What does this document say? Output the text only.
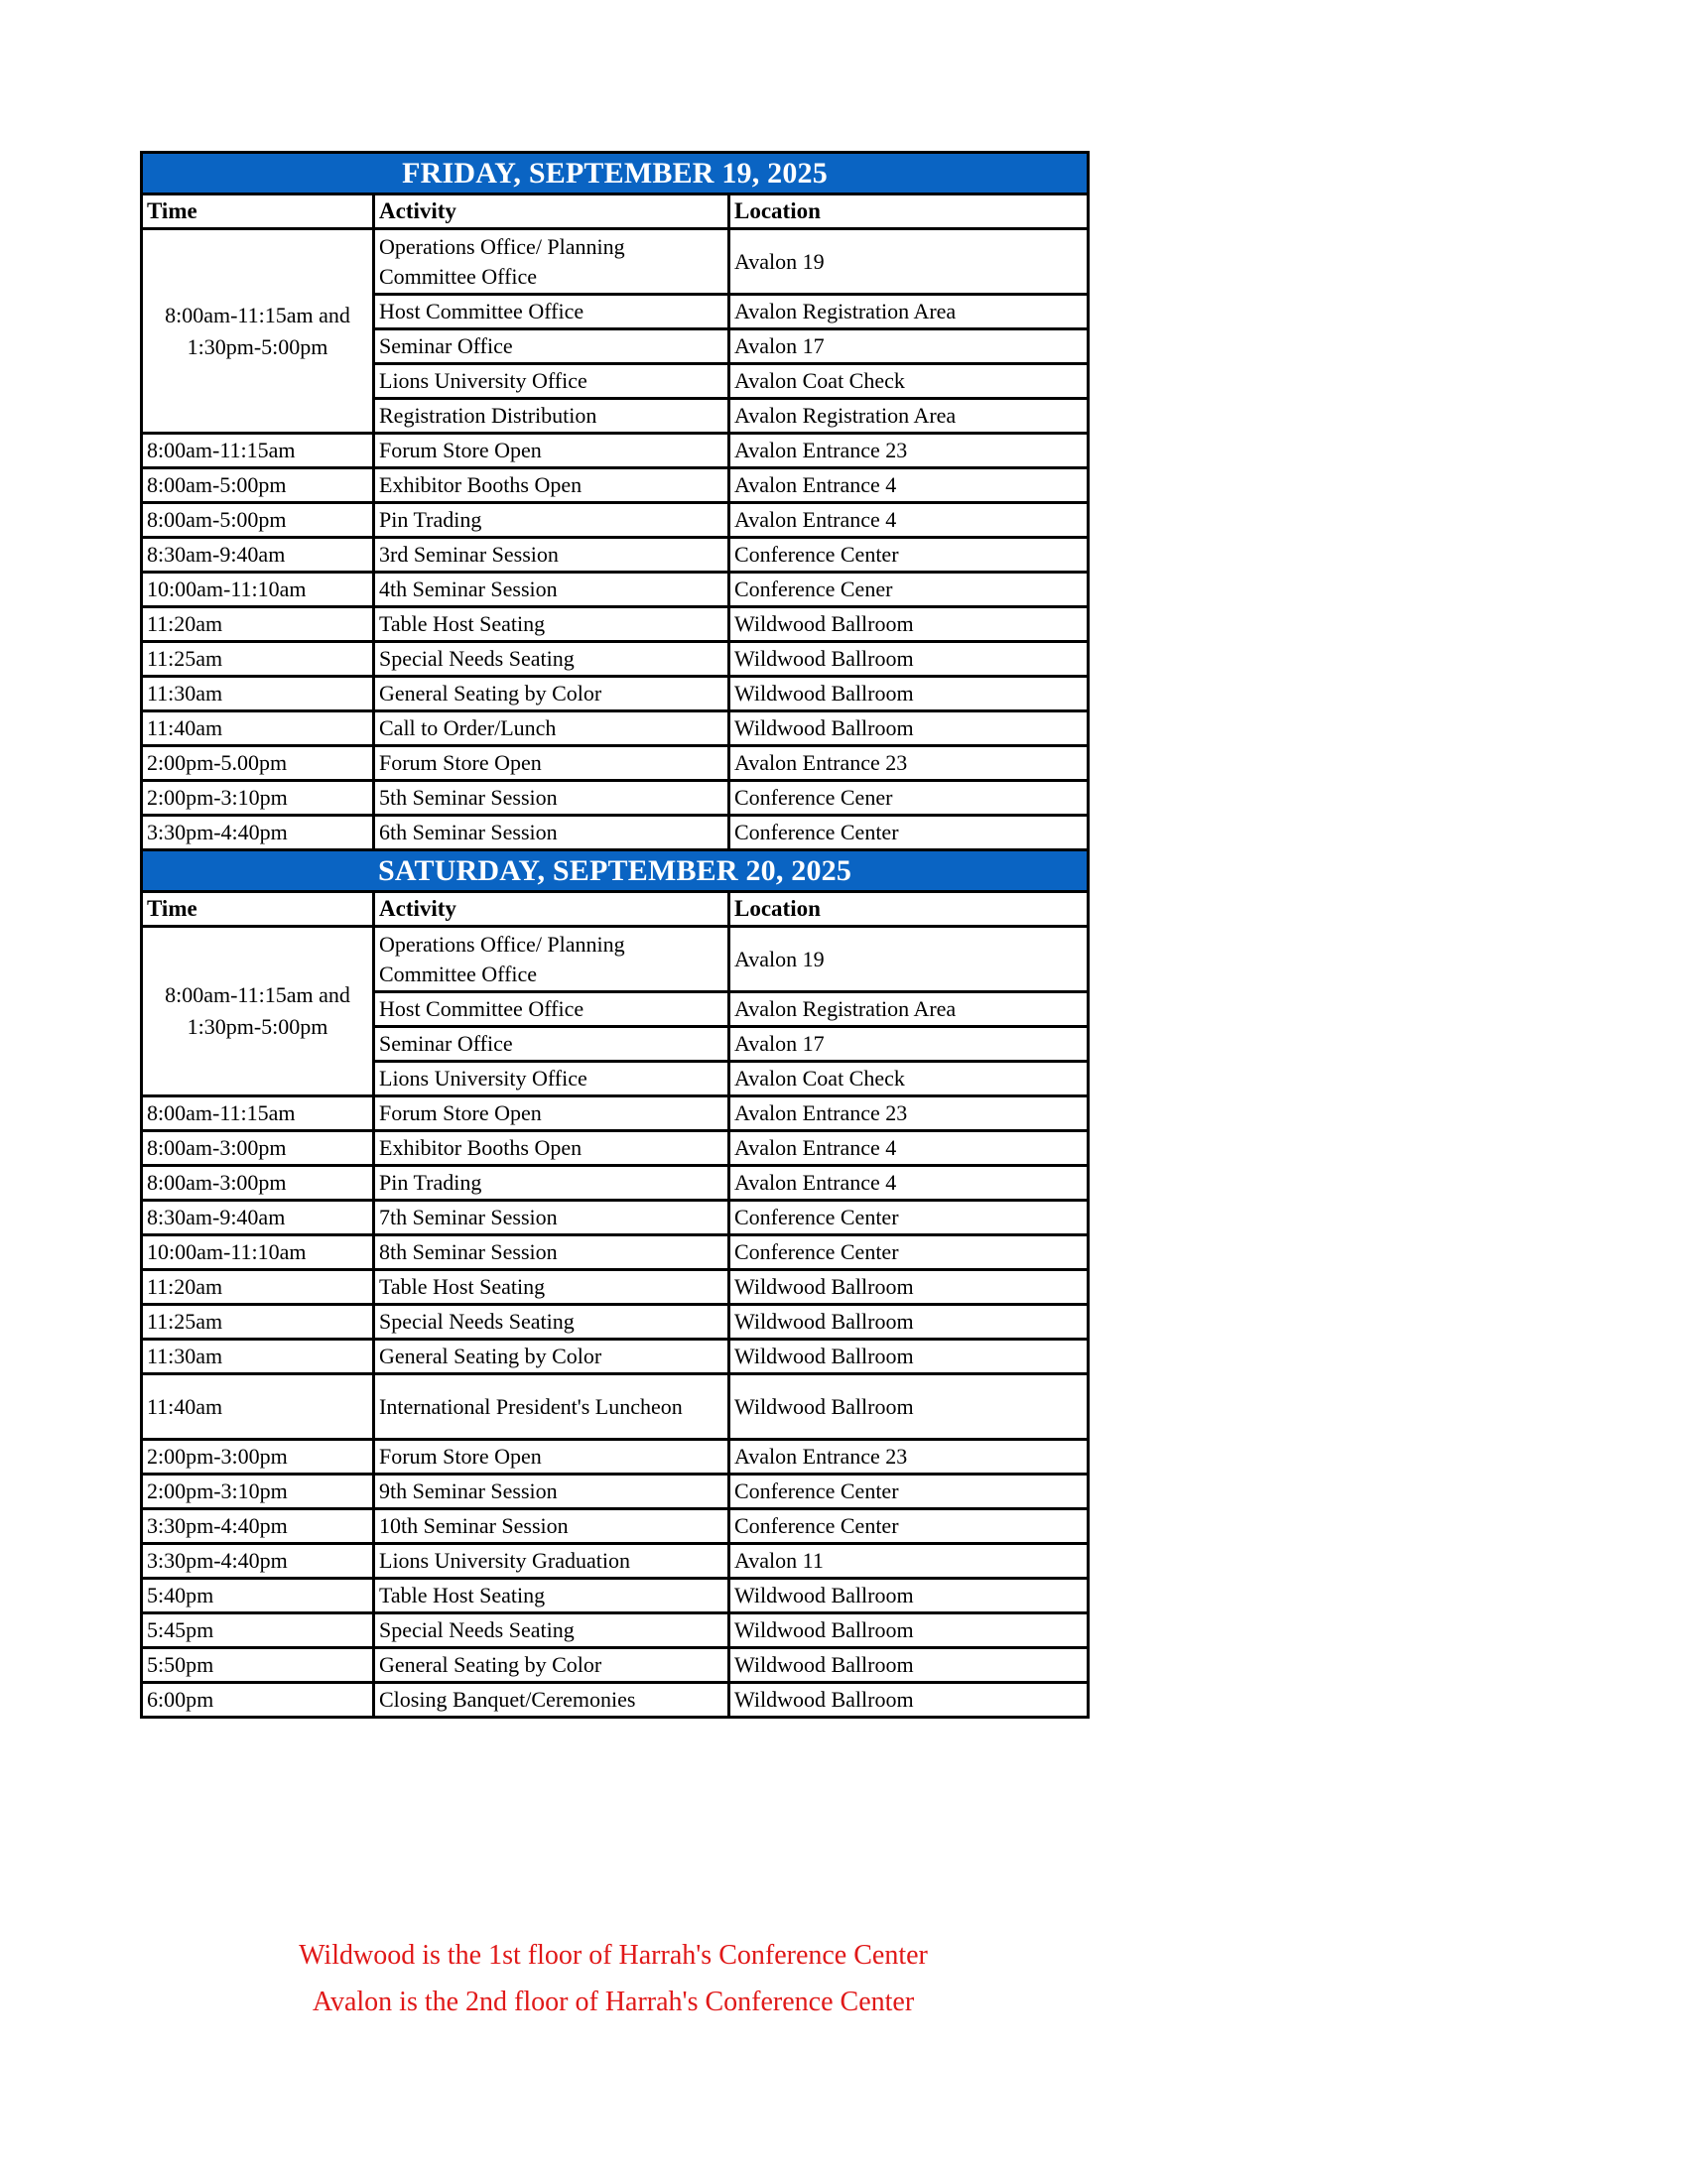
FRIDAY, SEPTEMBER 19, 2025		
Time	Activity	Location
8:00am-11:15am and 1:30pm-5:00pm	Operations Office/ Planning Committee Office	Avalon 19
	Host Committee Office	Avalon Registration Area
	Seminar Office	Avalon 17
	Lions University Office	Avalon Coat Check
	Registration Distribution	Avalon Registration Area
8:00am-11:15am	Forum Store Open	Avalon Entrance 23
8:00am-5:00pm	Exhibitor Booths Open	Avalon Entrance 4
8:00am-5:00pm	Pin Trading	Avalon Entrance 4
8:30am-9:40am	3rd Seminar Session	Conference Center
10:00am-11:10am	4th Seminar Session	Conference Cener
11:20am	Table Host Seating	Wildwood Ballroom
11:25am	Special Needs Seating	Wildwood Ballroom
11:30am	General Seating by Color	Wildwood Ballroom
11:40am	Call to Order/Lunch	Wildwood Ballroom
2:00pm-5.00pm	Forum Store Open	Avalon Entrance 23
2:00pm-3:10pm	5th Seminar Session	Conference Cener
3:30pm-4:40pm	6th Seminar Session	Conference Center
SATURDAY, SEPTEMBER 20, 2025		
Time	Activity	Location
8:00am-11:15am and 1:30pm-5:00pm	Operations Office/ Planning Committee Office	Avalon 19
	Host Committee Office	Avalon Registration Area
	Seminar Office	Avalon 17
	Lions University Office	Avalon Coat Check
8:00am-11:15am	Forum Store Open	Avalon Entrance 23
8:00am-3:00pm	Exhibitor Booths Open	Avalon Entrance 4
8:00am-3:00pm	Pin Trading	Avalon Entrance 4
8:30am-9:40am	7th Seminar Session	Conference Center
10:00am-11:10am	8th Seminar Session	Conference Center
11:20am	Table Host Seating	Wildwood Ballroom
11:25am	Special Needs Seating	Wildwood Ballroom
11:30am	General Seating by Color	Wildwood Ballroom
11:40am	International President's Luncheon	Wildwood Ballroom
2:00pm-3:00pm	Forum Store Open	Avalon Entrance 23
2:00pm-3:10pm	9th Seminar Session	Conference Center
3:30pm-4:40pm	10th Seminar Session	Conference Center
3:30pm-4:40pm	Lions University Graduation	Avalon 11
5:40pm	Table Host Seating	Wildwood Ballroom
5:45pm	Special Needs Seating	Wildwood Ballroom
5:50pm	General Seating by Color	Wildwood Ballroom
6:00pm	Closing Banquet/Ceremonies	Wildwood Ballroom
Wildwood is the 1st floor of Harrah's Conference Center
Avalon is the 2nd floor of Harrah's Conference Center
